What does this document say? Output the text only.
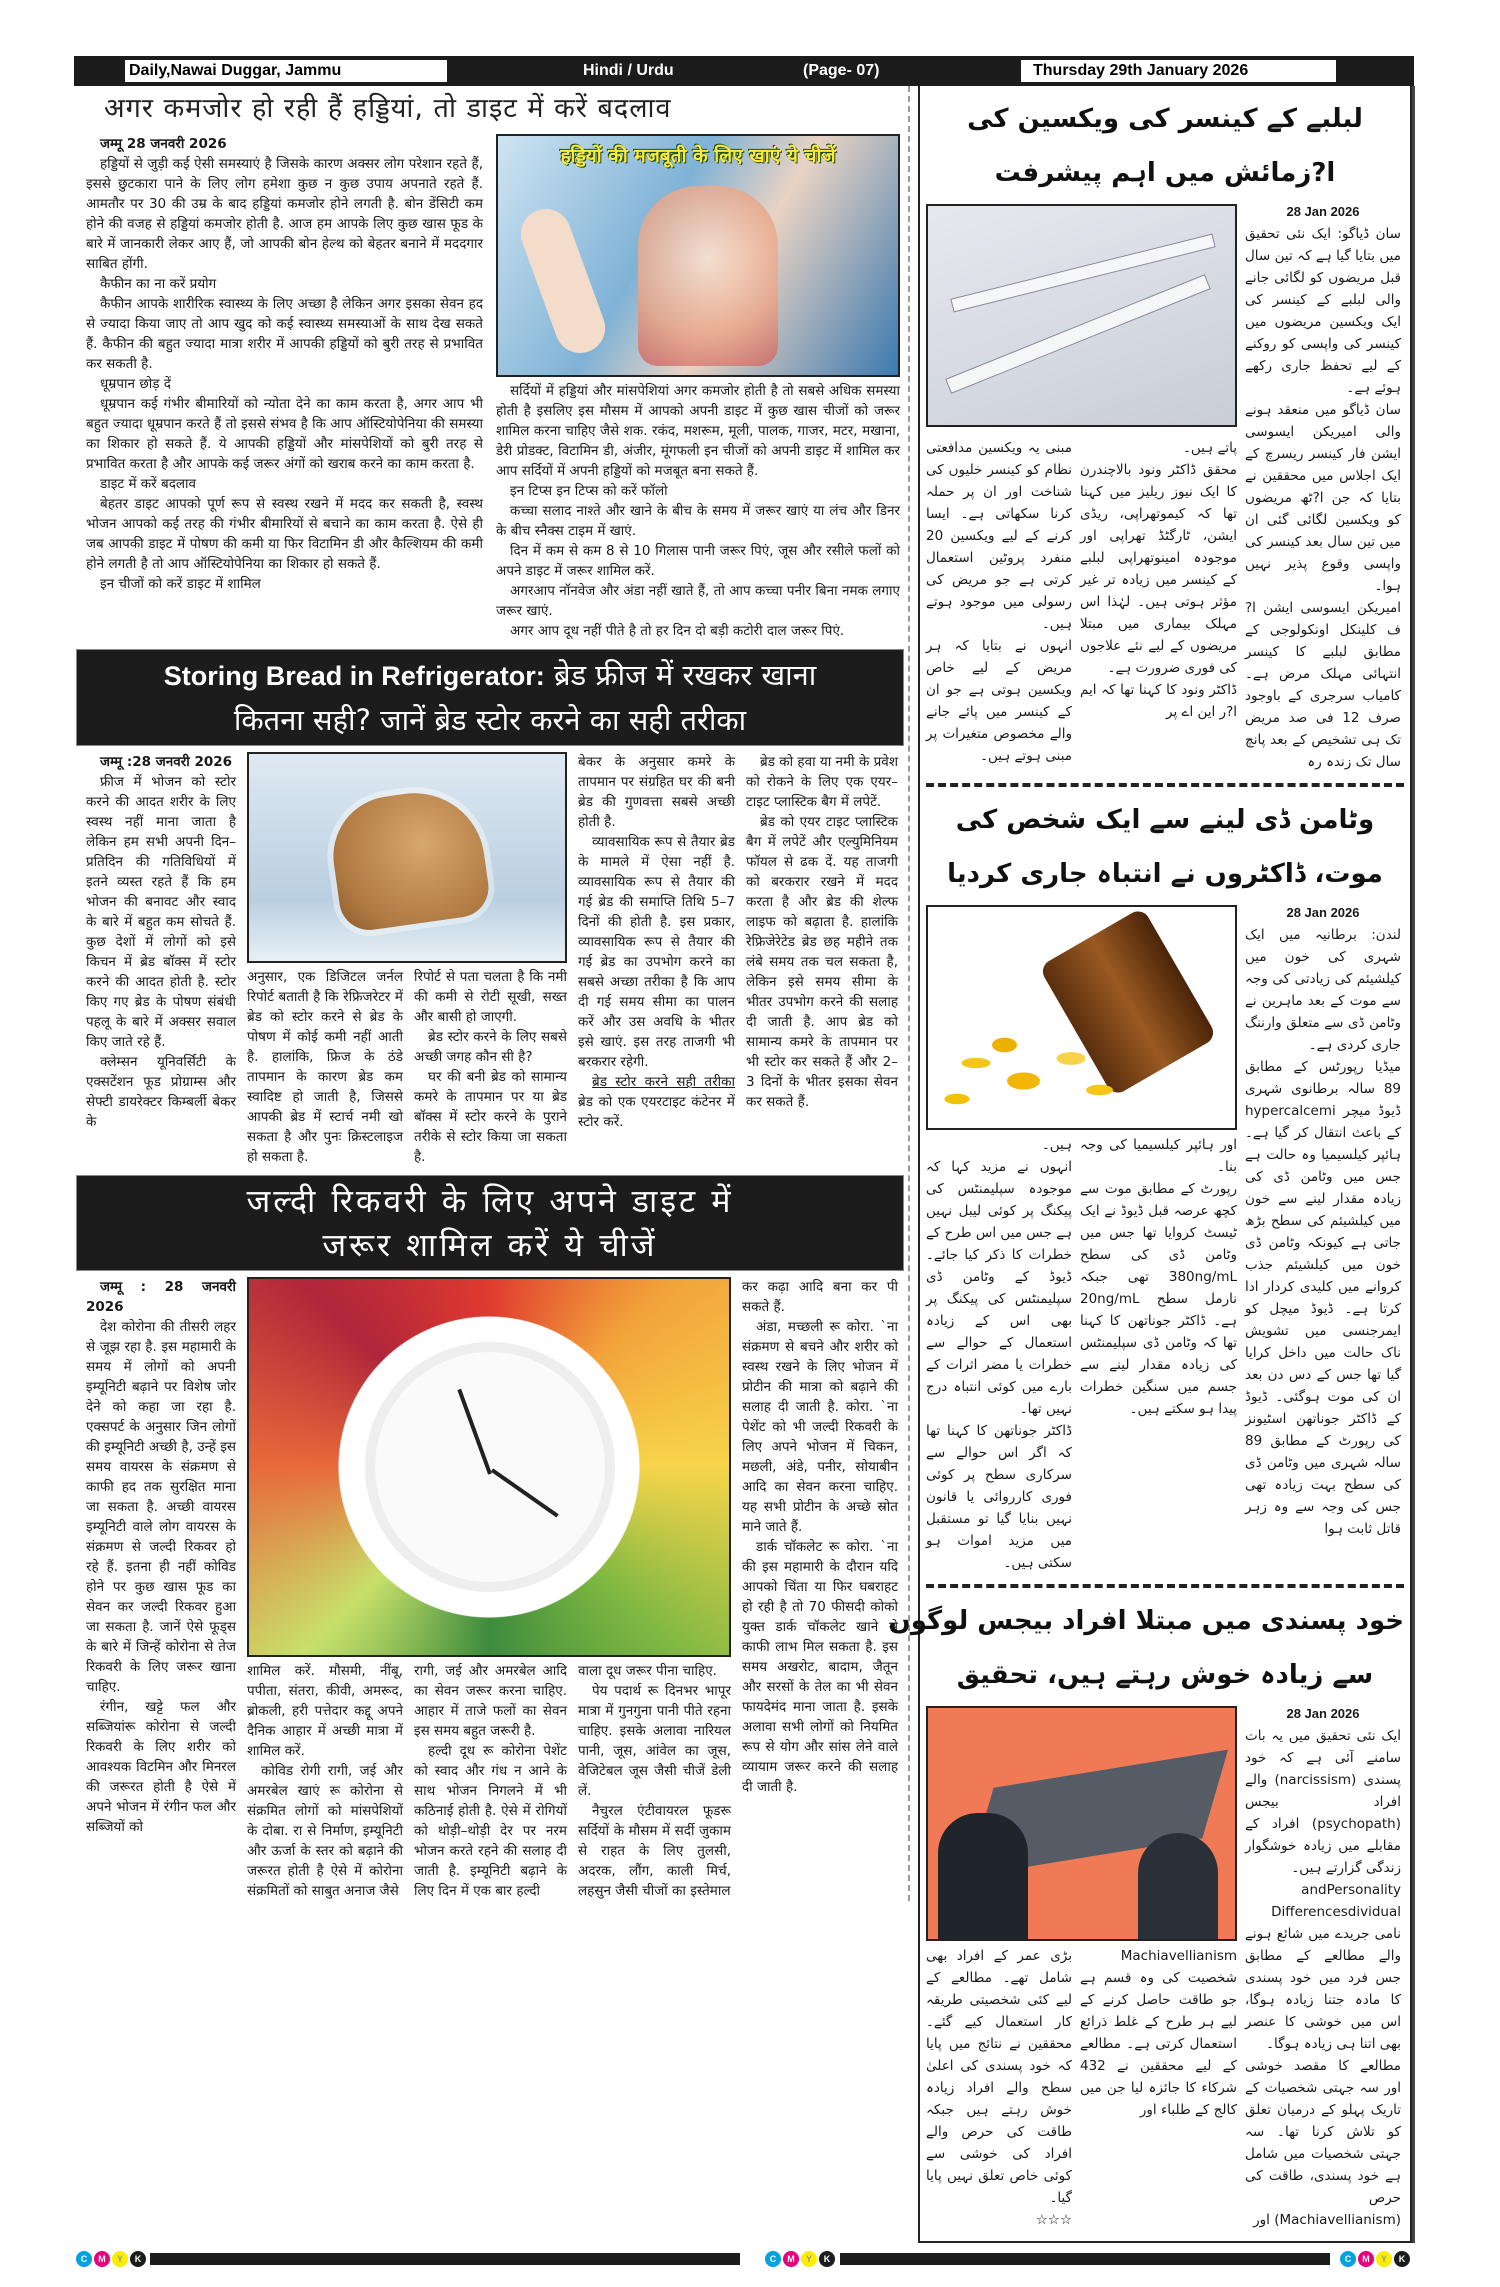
Daily,Nawai Duggar, Jammu	Hindi / Urdu	(Page- 07)	Thursday 29th January 2026
अगर कमजोर हो रही हैं हड्डियां, तो डाइट में करें बदलाव

जम्मू 28 जनवरी 2026

हड्डियों से जुड़ी कई ऐसी समस्याएं है जिसके कारण अक्सर लोग परेशान रहते हैं, इससे छुटकारा पाने के लिए लोग हमेशा कुछ न कुछ उपाय अपनाते रहते हैं. आमतौर पर 30 की उम्र के बाद हड्डियां कमजोर होने लगती है. बोन डेंसिटी कम होने की वजह से हड्डियां कमजोर होती है. आज हम आपके लिए कुछ खास फूड के बारे में जानकारी लेकर आए हैं, जो आपकी बोन हेल्थ को बेहतर बनाने में मददगार साबित होंगी.

कैफीन का ना करें प्रयोग

कैफीन आपके शारीरिक स्वास्थ्य के लिए अच्छा है लेकिन अगर इसका सेवन हद से ज्यादा किया जाए तो आप खुद को कई स्वास्थ्य समस्याओं के साथ देख सकते हैं. कैफीन की बहुत ज्यादा मात्रा शरीर में आपकी हड्डियों को बुरी तरह से प्रभावित कर सकती है.

धूम्रपान छोड़ दें

धूम्रपान कई गंभीर बीमारियों को न्योता देने का काम करता है, अगर आप भी बहुत ज्यादा धूम्रपान करते हैं तो इससे संभव है कि आप ऑस्टियोपेनिया की समस्या का शिकार हो सकते हैं. ये आपकी हड्डियों और मांसपेशियों को बुरी तरह से प्रभावित करता है और आपके कई जरूर अंगों को खराब करने का काम करता है.

डाइट में करें बदलाव

बेहतर डाइट आपको पूर्ण रूप से स्वस्थ रखने में मदद कर सकती है, स्वस्थ भोजन आपको कई तरह की गंभीर बीमारियों से बचाने का काम करता है. ऐसे ही जब आपकी डाइट में पोषण की कमी या फिर विटामिन डी और कैल्शियम की कमी होने लगती है तो आप ऑस्टियोपेनिया का शिकार हो सकते हैं.

इन चीजों को करें डाइट में शामिल

हड्डियों की मजबूती के लिए खाएं ये चीजें

सर्दियों में हड्डियां और मांसपेशियां अगर कमजोर होती है तो सबसे अधिक समस्या होती है इसलिए इस मौसम में आपको अपनी डाइट में कुछ खास चीजों को जरूर शामिल करना चाहिए जैसे शक. रकंद, मशरूम, मूली, पालक, गाजर, मटर, मखाना, डेरी प्रोडक्ट, विटामिन डी, अंजीर, मूंगफली इन चीजों को अपनी डाइट में शामिल कर आप सर्दियों में अपनी हड्डियों को मजबूत बना सकते हैं.

इन टिप्स इन टिप्स को करें फॉलो

कच्चा सलाद नाश्ते और खाने के बीच के समय में जरूर खाएं या लंच और डिनर के बीच स्नैक्स टाइम में खाएं.

दिन में कम से कम 8 से 10 गिलास पानी जरूर पिएं, जूस और रसीले फलों को अपने डाइट में जरूर शामिल करें.

अगरआप नॉनवेज और अंडा नहीं खाते हैं, तो आप कच्चा पनीर बिना नमक लगाए जरूर खाएं.

अगर आप दूध नहीं पीते है तो हर दिन दो बड़ी कटोरी दाल जरूर पिएं.

Storing Bread in Refrigerator: ब्रेड फ्रीज में रखकर खाना
कितना सही? जानें ब्रेड स्टोर करने का सही तरीका

जम्मू :28 जनवरी 2026

फ्रीज में भोजन को स्टोर करने की आदत शरीर के लिए स्वस्थ नहीं माना जाता है लेकिन हम सभी अपनी दिन–प्रतिदिन की गतिविधियों में इतने व्यस्त रहते हैं कि हम भोजन की बनावट और स्वाद के बारे में बहुत कम सोचते हैं. कुछ देशों में लोगों को इसे किचन में ब्रेड बॉक्स में स्टोर करने की आदत होती है. स्टोर किए गए ब्रेड के पोषण संबंधी पहलू के बारे में अक्सर सवाल किए जाते रहे हैं.

क्लेम्सन यूनिवर्सिटी के एक्सटेंशन फूड प्रोग्राम्स और सेफ्टी डायरेक्टर किम्बर्ली बेकर के

अनुसार, एक डिजिटल जर्नल रिपोर्ट बताती है कि रेफ्रिजरेटर में ब्रेड को स्टोर करने से ब्रेड के पोषण में कोई कमी नहीं आती है. हालांकि, फ्रिज के ठंडे तापमान के कारण ब्रेड कम स्वादिष्ट हो जाती है, जिससे आपकी ब्रेड में स्टार्च नमी खो सकता है और पुनः क्रिस्टलाइज हो सकता है.

रिपोर्ट से पता चलता है कि नमी की कमी से रोटी सूखी, सख्त और बासी हो जाएगी.

ब्रेड स्टोर करने के लिए सबसे अच्छी जगह कौन सी है?

घर की बनी ब्रेड को सामान्य कमरे के तापमान पर या ब्रेड बॉक्स में स्टोर करने के पुराने तरीके से स्टोर किया जा सकता है.

बेकर के अनुसार कमरे के तापमान पर संग्रहित घर की बनी ब्रेड की गुणवत्ता सबसे अच्छी होती है.

व्यावसायिक रूप से तैयार ब्रेड के मामले में ऐसा नहीं है. व्यावसायिक रूप से तैयार की गई ब्रेड की समाप्ति तिथि 5–7 दिनों की होती है. इस प्रकार, व्यावसायिक रूप से तैयार की गई ब्रेड का उपभोग करने का सबसे अच्छा तरीका है कि आप दी गई समय सीमा का पालन करें और उस अवधि के भीतर इसे खाएं. इस तरह ताजगी भी बरकरार रहेगी.

ब्रेड स्टोर करने सही तरीका ब्रेड को एक एयरटाइट कंटेनर में स्टोर करें.

ब्रेड को हवा या नमी के प्रवेश को रोकने के लिए एक एयर–टाइट प्लास्टिक बैग में लपेटें.

ब्रेड को एयर टाइट प्लास्टिक बैग में लपेटें और एल्युमिनियम फॉयल से ढक दें. यह ताजगी को बरकरार रखने में मदद करता है और ब्रेड की शेल्फ लाइफ को बढ़ाता है. हालांकि रेफ्रिजेरेटेड ब्रेड छह महीने तक लंबे समय तक चल सकता है, लेकिन इसे समय सीमा के भीतर उपभोग करने की सलाह दी जाती है. आप ब्रेड को सामान्य कमरे के तापमान पर भी स्टोर कर सकते हैं और 2–3 दिनों के भीतर इसका सेवन कर सकते हैं.

जल्दी रिकवरी के लिए अपने डाइट में
जरूर शामिल करें ये चीजें

जम्मू : 28 जनवरी 2026

देश कोरोना की तीसरी लहर से जूझ रहा है. इस महामारी के समय में लोगों को अपनी इम्यूनिटी बढ़ाने पर विशेष जोर देने को कहा जा रहा है. एक्सपर्ट के अनुसार जिन लोगों की इम्यूनिटी अच्छी है, उन्हें इस समय वायरस के संक्रमण से काफी हद तक सुरक्षित माना जा सकता है. अच्छी वायरस इम्यूनिटी वाले लोग वायरस के संक्रमण से जल्दी रिकवर हो रहे हैं. इतना ही नहीं कोविड होने पर कुछ खास फूड का सेवन कर जल्दी रिकवर हुआ जा सकता है. जानें ऐसे फूड्स के बारे में जिन्हें कोरोना से तेज रिकवरी के लिए जरूर खाना चाहिए.

रंगीन, खट्टे फल और सब्जियांरू कोरोना से जल्दी रिकवरी के लिए शरीर को आवश्यक विटमिन और मिनरल की जरूरत होती है ऐसे में अपने भोजन में रंगीन फल और सब्जियों को

शामिल करें. मौसमी, नींबू, पपीता, संतरा, कीवी, अमरूद, ब्रोकली, हरी पत्तेदार कद्दू अपने दैनिक आहार में अच्छी मात्रा में शामिल करें.

कोविड रोगी रागी, जई और अमरबेल खाएं रू कोरोना से संक्रमित लोगों को मांसपेशियों के दोबा. रा से निर्माण, इम्यूनिटी और ऊर्जा के स्तर को बढ़ाने की जरूरत होती है ऐसे में कोरोना संक्रमितों को साबुत अनाज जैसे

रागी, जई और अमरबेल आदि का सेवन जरूर करना चाहिए. आहार में ताजे फलों का सेवन इस समय बहुत जरूरी है.

हल्दी दूध रू कोरोना पेशेंट को स्वाद और गंध न आने के साथ भोजन निगलने में भी कठिनाई होती है. ऐसे में रोगियों को थोड़ी–थोड़ी देर पर नरम भोजन करते रहने की सलाह दी जाती है. इम्यूनिटी बढ़ाने के लिए दिन में एक बार हल्दी

वाला दूध जरूर पीना चाहिए.

पेय पदार्थ रू दिनभर भापूर मात्रा में गुनगुना पानी पीते रहना चाहिए. इसके अलावा नारियल पानी, जूस, आंवेल का जूस, वेजिटेबल जूस जैसी चीजें डेली लें.

नैचुरल एंटीवायरल फूडरू सर्दियों के मौसम में सर्दी जुकाम से राहत के लिए तुलसी, अदरक, लौंग, काली मिर्च, लहसुन जैसी चीजों का इस्तेमाल

कर कढ़ा आदि बना कर पी सकते हैं.

अंडा, मच्छली रू कोरा. `ना संक्रमण से बचने और शरीर को स्वस्थ रखने के लिए भोजन में प्रोटीन की मात्रा को बढ़ाने की सलाह दी जाती है. कोरा. `ना पेशेंट को भी जल्दी रिकवरी के लिए अपने भोजन में चिकन, मछली, अंडे, पनीर, सोयाबीन आदि का सेवन करना चाहिए. यह सभी प्रोटीन के अच्छे स्रोत माने जाते हैं.

डार्क चॉकलेट रू कोरा. `ना की इस महामारी के दौरान यदि आपको चिंता या फिर घबराहट हो रही है तो 70 फीसदी कोको युक्त डार्क चॉकलेट खाने से काफी लाभ मिल सकता है. इस समय अखरोट, बादाम, जैतून और सरसों के तेल का भी सेवन फायदेमंद माना जाता है. इसके अलावा सभी लोगों को नियमित रूप से योग और सांस लेने वाले व्यायाम जरूर करने की सलाह दी जाती है.

لبلبے کے کینسر کی ویکسین کی
ا?زمائش میں اہم پیشرفت
28 Jan 2026

سان ڈیاگو: ایک نئی تحقیق میں بتایا گیا ہے کہ تین سال قبل مریضوں کو لگائی جانے والی لبلبے کے کینسر کی ایک ویکسین مریضوں میں کینسر کی واپسی کو روکنے کے لیے تحفظ جاری رکھے ہوئے ہے۔

سان ڈیاگو میں منعقد ہونے والی امیریکن ایسوسی ایشن فار کینسر ریسرچ کے ایک اجلاس میں محققین نے بتایا کہ جن ا?ٹھ مریضوں کو ویکسین لگائی گئی ان میں تین سال بعد کینسر کی واپسی وقوع پذیر نہیں ہوا۔

امیریکن ایسوسی ایشن ا?ف کلینکل اونکولوجی کے مطابق لبلبے کا کینسر انتہائی مہلک مرض ہے۔ کامیاب سرجری کے باوجود صرف 12 فی صد مریض تک ہی تشخیص کے بعد پانچ سال تک زندہ رہ

پاتے ہیں۔

محقق ڈاکٹر ونود بالاچندرن کا ایک نیوز ریلیز میں کہنا تھا کہ کیموتھراپی، ریڈی ایشن، ٹارگٹڈ تھراپی اور موجودہ امینوتھراپی لبلبے کے کینسر میں زیادہ تر غیر مؤثر ہوتی ہیں۔ لہٰذا اس مہلک بیماری میں مبتلا مریضوں کے لیے نئے علاجوں کی فوری ضرورت ہے۔

ڈاکٹر ونود کا کہنا تھا کہ ایم ا?ر این اے پر

مبنی یہ ویکسین مدافعتی نظام کو کینسر خلیوں کی شناخت اور ان پر حملہ کرنا سکھاتی ہے۔ ایسا کرنے کے لیے ویکسین 20 منفرد پروٹین استعمال کرتی ہے جو مریض کی رسولی میں موجود ہوتے ہیں۔

انہوں نے بتایا کہ ہر مریض کے لیے خاص ویکسین ہوتی ہے جو ان کے کینسر میں پائے جانے والے مخصوص متغیرات پر مبنی ہوتے ہیں۔

وٹامن ڈی لینے سے ایک شخص کی
موت، ڈاکٹروں نے انتباہ جاری کردیا
28 Jan 2026

لندن: برطانیہ میں ایک شہری کی خون میں کیلشیئم کی زیادتی کی وجہ سے موت کے بعد ماہرین نے وٹامن ڈی سے متعلق وارننگ جاری کردی ہے۔

میڈیا رپورٹس کے مطابق 89 سالہ برطانوی شہری ڈیوڈ میچر hypercalcemi کے باعث انتقال کر گیا ہے۔ ہائپر کیلسیمیا وہ حالت ہے جس میں وٹامن ڈی کی زیادہ مقدار لینے سے خون میں کیلشیئم کی سطح بڑھ جاتی ہے کیونکہ وٹامن ڈی خون میں کیلشیئم جذب کروانے میں کلیدی کردار ادا کرتا ہے۔ ڈیوڈ میچل کو ایمرجنسی میں تشویش ناک حالت میں داخل کرایا گیا تھا جس کے دس دن بعد ان کی موت ہوگئی۔ ڈیوڈ کے ڈاکٹر جوناتھن اسٹیونز کی رپورٹ کے مطابق 89 سالہ شہری میں وٹامن ڈی کی سطح بہت زیادہ تھی جس کی وجہ سے وہ زہر قاتل ثابت ہوا

اور ہائپر کیلسیمیا کی وجہ بنا۔

رپورٹ کے مطابق موت سے کچھ عرصہ قبل ڈیوڈ نے ایک ٹیسٹ کروایا تھا جس میں وٹامن ڈی کی سطح 380ng/mL تھی جبکہ نارمل سطح 20ng/mL ہے۔ ڈاکٹر جوناتھن کا کہنا تھا کہ وٹامن ڈی سپلیمنٹس کی زیادہ مقدار لینے سے جسم میں سنگین خطرات پیدا ہو سکتے ہیں۔

ہیں۔

انہوں نے مزید کہا کہ موجودہ سپلیمنٹس کی پیکنگ پر کوئی لیبل نہیں ہے جس میں اس طرح کے خطرات کا ذکر کیا جائے۔ ڈیوڈ کے وٹامن ڈی سپلیمنٹس کی پیکنگ پر بھی اس کے زیادہ استعمال کے حوالے سے خطرات یا مضر اثرات کے بارے میں کوئی انتباہ درج نہیں تھا۔

ڈاکٹر جوناتھن کا کہنا تھا کہ اگر اس حوالے سے سرکاری سطح پر کوئی فوری کارروائی یا قانون نہیں بنایا گیا تو مستقبل میں مزید اموات ہو سکتی ہیں۔

خود پسندی میں مبتلا افراد بیجس لوگوں
سے زیادہ خوش رہتے ہیں، تحقیق
28 Jan 2026

ایک نئی تحقیق میں یہ بات سامنے آئی ہے کہ خود پسندی (narcissism) والے افراد بیجس (psychopath) افراد کے مقابلے میں زیادہ خوشگوار زندگی گزارتے ہیں۔

andPersonality Differencesdividual نامی جریدے میں شائع ہونے والے مطالعے کے مطابق جس فرد میں خود پسندی کا مادہ جتنا زیادہ ہوگا، اس میں خوشی کا عنصر بھی اتنا ہی زیادہ ہوگا۔

مطالعے کا مقصد خوشی اور سہ جہتی شخصیات کے تاریک پہلو کے درمیان تعلق کو تلاش کرنا تھا۔ سہ جہتی شخصیات میں شامل ہے خود پسندی، طاقت کی حرص (Machiavellianism) اور

Machiavellianism شخصیت کی وہ قسم ہے جو طاقت حاصل کرنے کے لیے ہر طرح کے غلط ذرائع استعمال کرتی ہے۔ مطالعے کے لیے محققین نے 432 شرکاء کا جائزہ لیا جن میں کالج کے طلباء اور

بڑی عمر کے افراد بھی شامل تھے۔ مطالعے کے لیے کئی شخصیتی طریقہ کار استعمال کیے گئے۔ محققین نے نتائج میں پایا کہ خود پسندی کی اعلیٰ سطح والے افراد زیادہ خوش رہتے ہیں جبکہ طاقت کی حرص والے افراد کی خوشی سے کوئی خاص تعلق نہیں پایا گیا۔

☆☆☆

C	M	Y	K	C	M	Y	K	C	M	Y	K
